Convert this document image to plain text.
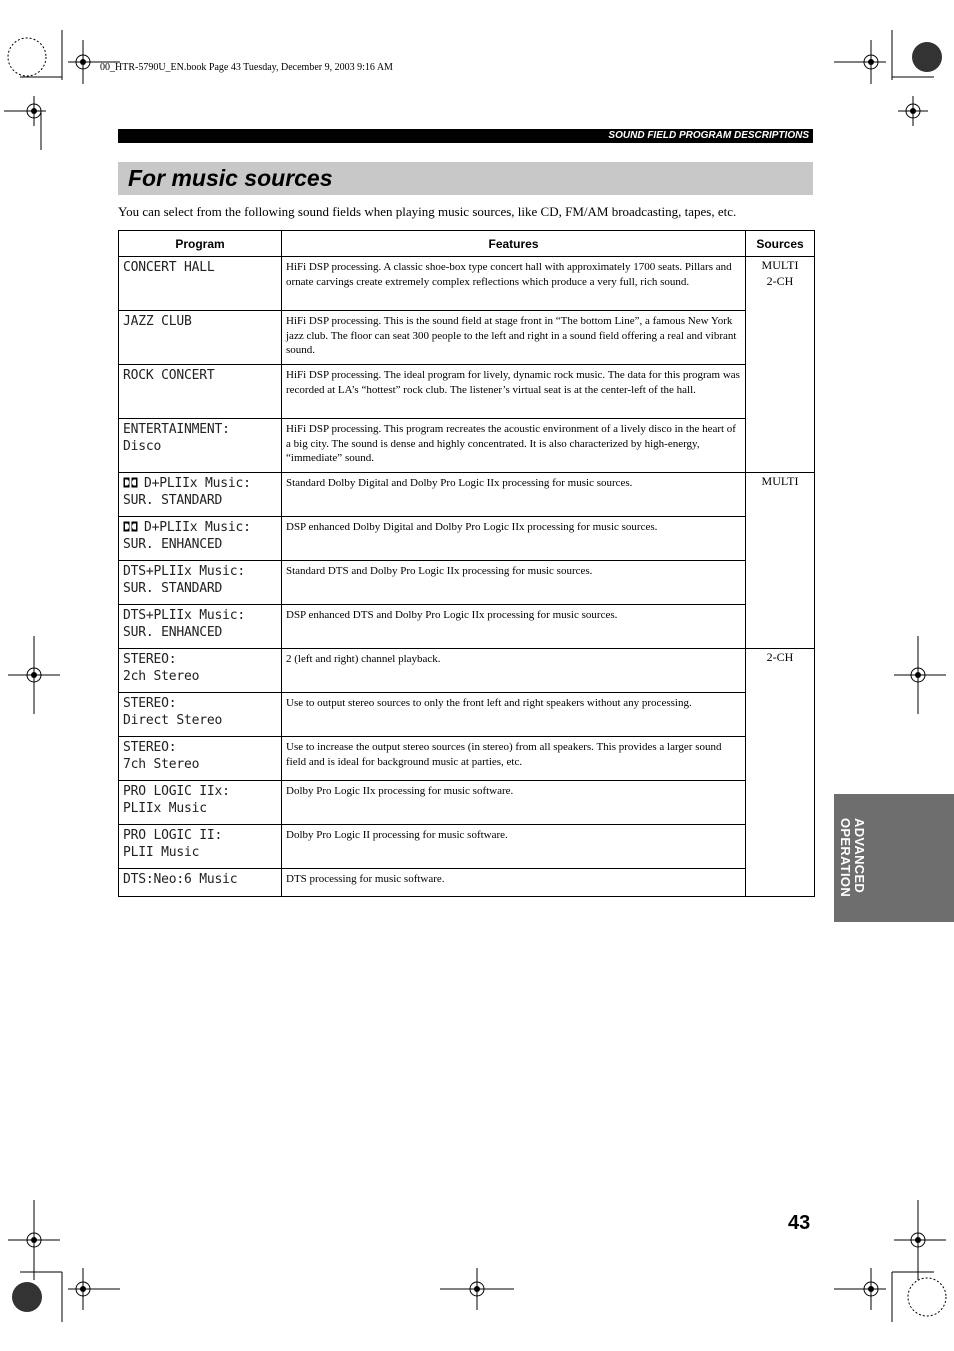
00_HTR-5790U_EN.book Page 43 Tuesday, December 9, 2003 9:16 AM
SOUND FIELD PROGRAM DESCRIPTIONS
For music sources
You can select from the following sound fields when playing music sources, like CD, FM/AM broadcasting, tapes, etc.
Program	Features	Sources

CONCERT HALL	HiFi DSP processing. A classic shoe-box type concert hall with approximately 1700 seats. Pillars and ornate carvings create extremely complex reflections which produce a very full, rich sound.	MULTI
2-CH

JAZZ CLUB	HiFi DSP processing. This is the sound field at stage front in “The bottom Line”, a famous New York jazz club. The floor can seat 300 people to the left and right in a sound field offering a real and vibrant sound.	

ROCK CONCERT	HiFi DSP processing. The ideal program for lively, dynamic rock music. The data for this program was recorded at LA’s “hottest” rock club. The listener’s virtual seat is at the center-left of the hall.	

ENTERTAINMENT:
Disco	HiFi DSP processing. This program recreates the acoustic environment of a lively disco in the heart of a big city. The sound is dense and highly concentrated. It is also characterized by high-energy, “immediate” sound.	

D+PLIIx Music:
SUR. STANDARD	Standard Dolby Digital and Dolby Pro Logic IIx processing for music sources.	MULTI

D+PLIIx Music:
SUR. ENHANCED	DSP enhanced Dolby Digital and Dolby Pro Logic IIx processing for music sources.	

DTS+PLIIx Music:
SUR. STANDARD	Standard DTS and Dolby Pro Logic IIx processing for music sources.	

DTS+PLIIx Music:
SUR. ENHANCED	DSP enhanced DTS and Dolby Pro Logic IIx processing for music sources.	

STEREO:
2ch Stereo	2 (left and right) channel playback.	2-CH

STEREO:
Direct Stereo	Use to output stereo sources to only the front left and right speakers without any processing.	

STEREO:
7ch Stereo	Use to increase the output stereo sources (in stereo) from all speakers. This provides a larger sound field and is ideal for background music at parties, etc.	

PRO LOGIC IIx:
PLIIx Music	Dolby Pro Logic IIx processing for music software.	

PRO LOGIC II:
PLII Music	Dolby Pro Logic II processing for music software.	

DTS:Neo:6 Music	DTS processing for music software.		ADVANCED OPERATION
43
